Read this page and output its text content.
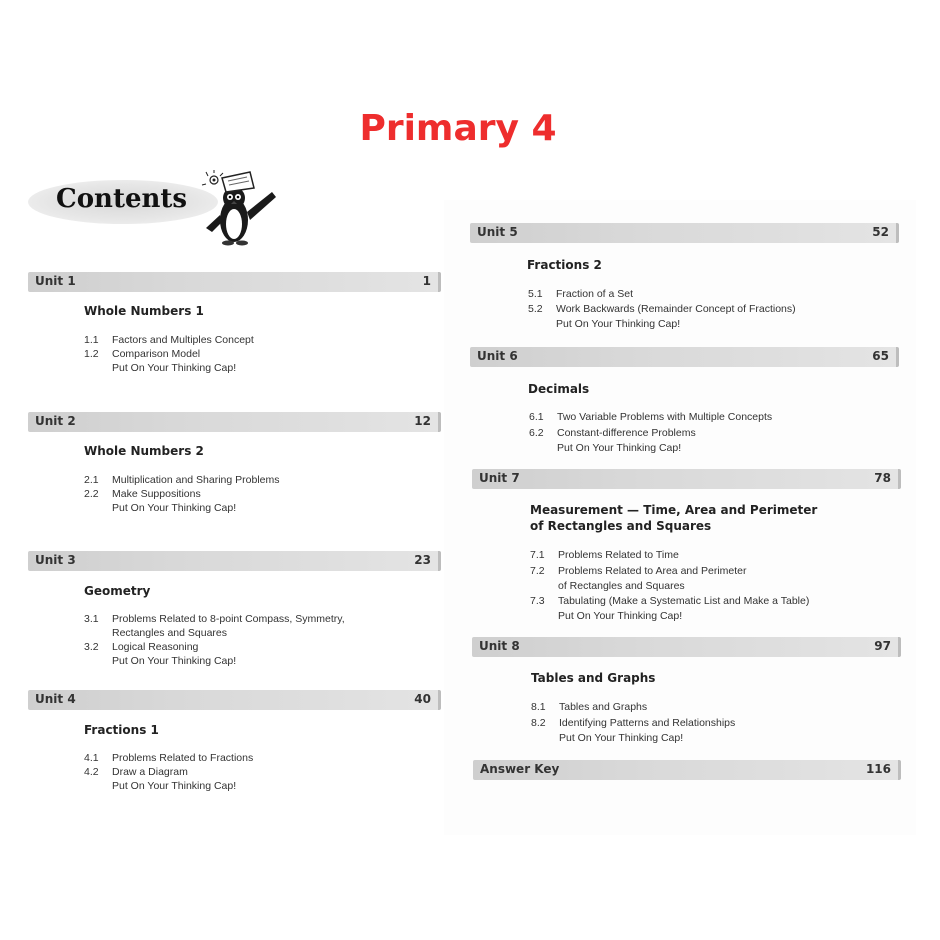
Primary 4
Contents
Unit 1	1
Whole Numbers 1
1.1 Factors and Multiples Concept
1.2 Comparison Model
Put On Your Thinking Cap!
Unit 2	12
Whole Numbers 2
2.1 Multiplication and Sharing Problems
2.2 Make Suppositions
Put On Your Thinking Cap!
Unit 3	23
Geometry
3.1 Problems Related to 8-point Compass, Symmetry,
Rectangles and Squares
3.2 Logical Reasoning
Put On Your Thinking Cap!
Unit 4	40
Fractions 1
4.1 Problems Related to Fractions
4.2 Draw a Diagram
Put On Your Thinking Cap!
Unit 5	52
Fractions 2
5.1 Fraction of a Set
5.2 Work Backwards (Remainder Concept of Fractions)
Put On Your Thinking Cap!
Unit 6	65
Decimals
6.1 Two Variable Problems with Multiple Concepts
6.2 Constant-difference Problems
Put On Your Thinking Cap!
Unit 7	78
Measurement — Time, Area and Perimeter
of Rectangles and Squares
7.1 Problems Related to Time
7.2 Problems Related to Area and Perimeter
of Rectangles and Squares
7.3 Tabulating (Make a Systematic List and Make a Table)
Put On Your Thinking Cap!
Unit 8	97
Tables and Graphs
8.1 Tables and Graphs
8.2 Identifying Patterns and Relationships
Put On Your Thinking Cap!
Answer Key	116
